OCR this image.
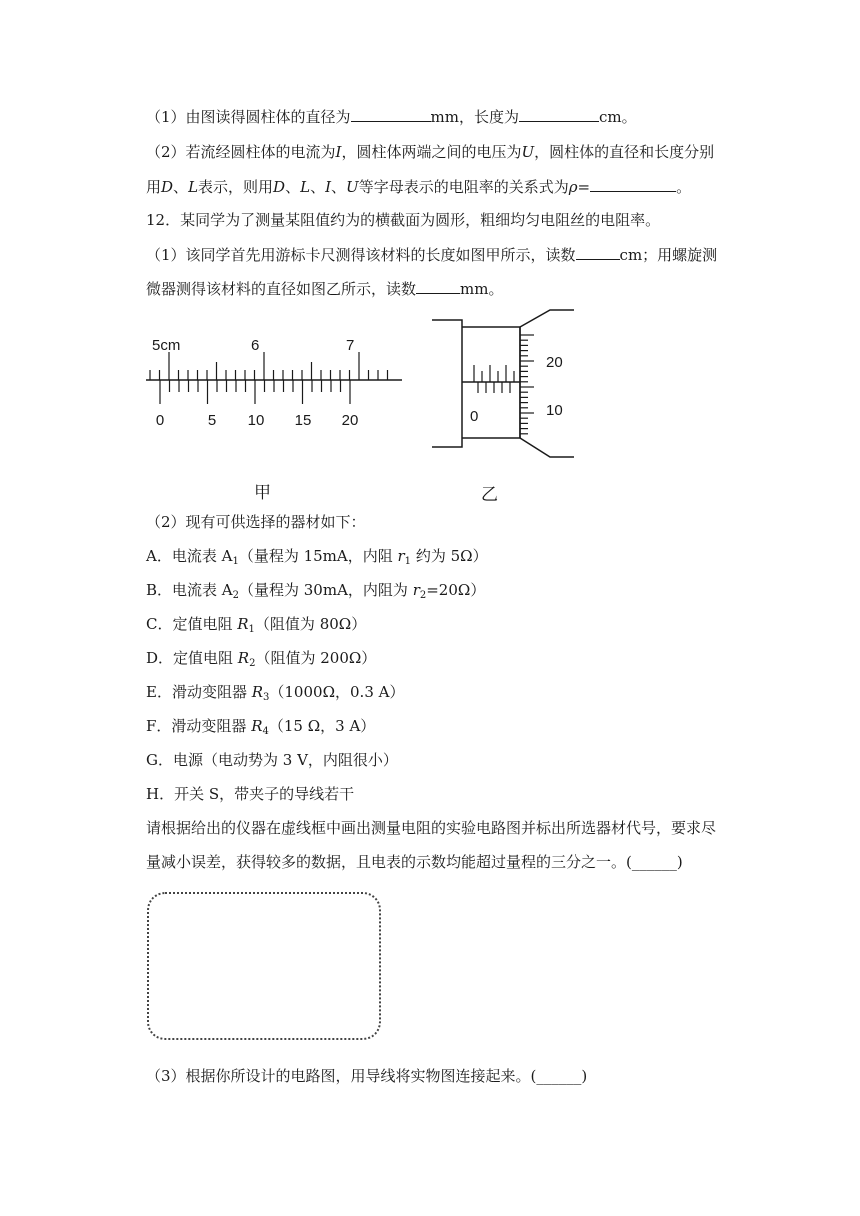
（1）由图读得圆柱体的直径为	mm，长度为	cm。
（2）若流经圆柱体的电流为I，圆柱体两端之间的电压为U，圆柱体的直径和长度分别
用D、L表示，则用D、L、I、U等字母表示的电阻率的关系式为ρ=	。
12．某同学为了测量某阻值约为的横截面为圆形，粗细均匀电阻丝的电阻率。
（1）该同学首先用游标卡尺测得该材料的长度如图甲所示，读数	cm；用螺旋测
微器测得该材料的直径如图乙所示，读数	mm。
5cm	6	7
0	5 10 15 20	0
20
10
甲	乙
（2）现有可供选择的器材如下：
A．电流表 $A_1$（量程为 15mA，内阻 $r_1$ 约为 5Ω）
B．电流表 $A_2$（量程为 30mA，内阻为 $r_2=20\Omega$）
C．定值电阻 $R_1$（阻值为 80Ω）
D．定值电阻 $R_2$（阻值为 200Ω）
E．滑动变阻器 $R_3(1000\Omega$，0.3 A）
F．滑动变阻器 $R_4(15$ Ω，3 A）
G．电源（电动势为 3 V，内阻很小）
H．开关 S，带夹子的导线若干
请根据给出的仪器在虚线框中画出测量电阻的实验电路图并标出所选器材代号，要求尽
量减小误差，获得较多的数据，且电表的示数均能超过量程的三分之一。(______)
（3）根据你所设计的电路图，用导线将实物图连接起来。(______)
